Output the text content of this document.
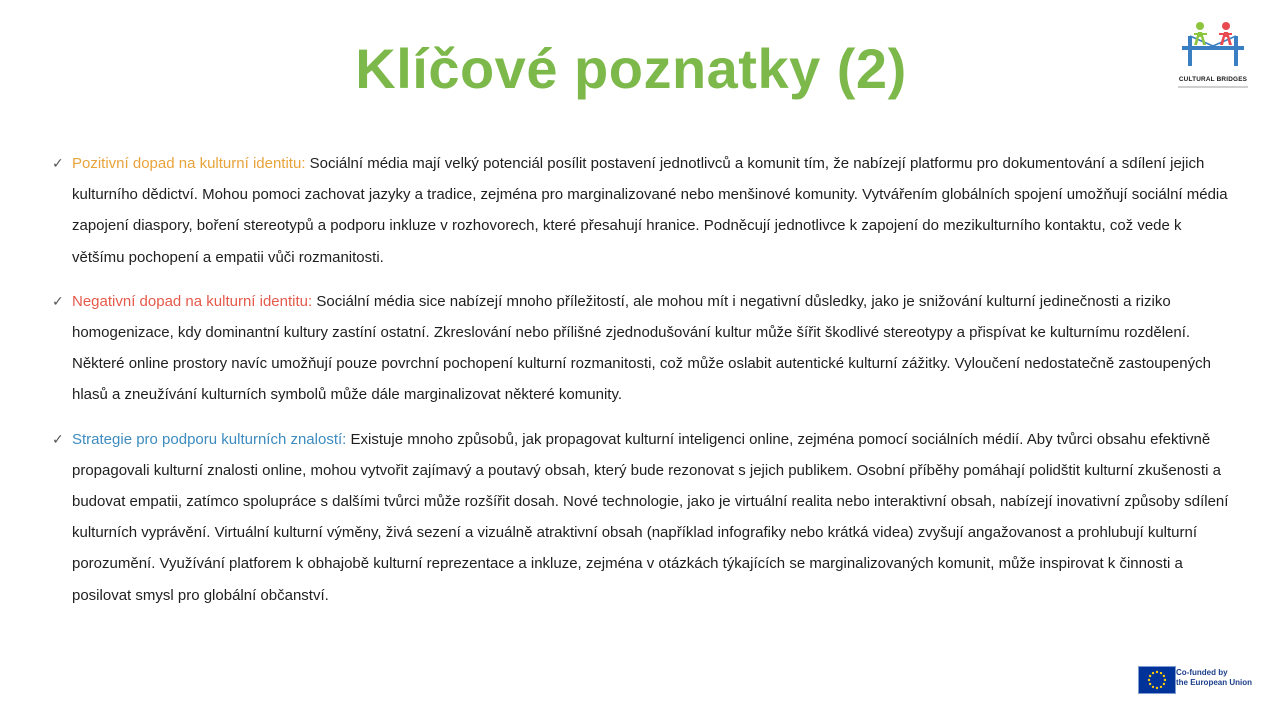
Klíčové poznatky (2)	CULTURAL BRIDGES
✓ Pozitivní dopad na kulturní identitu: Sociální média mají velký potenciál posílit postavení jednotlivců a komunit tím, že nabízejí platformu pro dokumentování a sdílení jejich kulturního dědictví. Mohou pomoci zachovat jazyky a tradice, zejména pro marginalizované nebo menšinové komunity. Vytvářením globálních spojení umožňují sociální média zapojení diaspory, boření stereotypů a podporu inkluze v rozhovorech, které přesahují hranice. Podněcují jednotlivce k zapojení do mezikulturního kontaktu, což vede k většímu pochopení a empatii vůči rozmanitosti.
✓ Negativní dopad na kulturní identitu: Sociální média sice nabízejí mnoho příležitostí, ale mohou mít i negativní důsledky, jako je snižování kulturní jedinečnosti a riziko homogenizace, kdy dominantní kultury zastíní ostatní. Zkreslování nebo přílišné zjednodušování kultur může šířit škodlivé stereotypy a přispívat ke kulturnímu rozdělení. Některé online prostory navíc umožňují pouze povrchní pochopení kulturní rozmanitosti, což může oslabit autentické kulturní zážitky. Vyloučení nedostatečně zastoupených hlasů a zneužívání kulturních symbolů může dále marginalizovat některé komunity.
✓ Strategie pro podporu kulturních znalostí: Existuje mnoho způsobů, jak propagovat kulturní inteligenci online, zejména pomocí sociálních médií. Aby tvůrci obsahu efektivně propagovali kulturní znalosti online, mohou vytvořit zajímavý a poutavý obsah, který bude rezonovat s jejich publikem. Osobní příběhy pomáhají polidštit kulturní zkušenosti a budovat empatii, zatímco spolupráce s dalšími tvůrci může rozšířit dosah. Nové technologie, jako je virtuální realita nebo interaktivní obsah, nabízejí inovativní způsoby sdílení kulturních vyprávění. Virtuální kulturní výměny, živá sezení a vizuálně atraktivní obsah (například infografiky nebo krátká videa) zvyšují angažovanost a prohlubují kulturní porozumění. Využívání platforem k obhajobě kulturní reprezentace a inkluze, zejména v otázkách týkajících se marginalizovaných komunit, může inspirovat k činnosti a posilovat smysl pro globální občanství.
Co-funded by
the European Union
